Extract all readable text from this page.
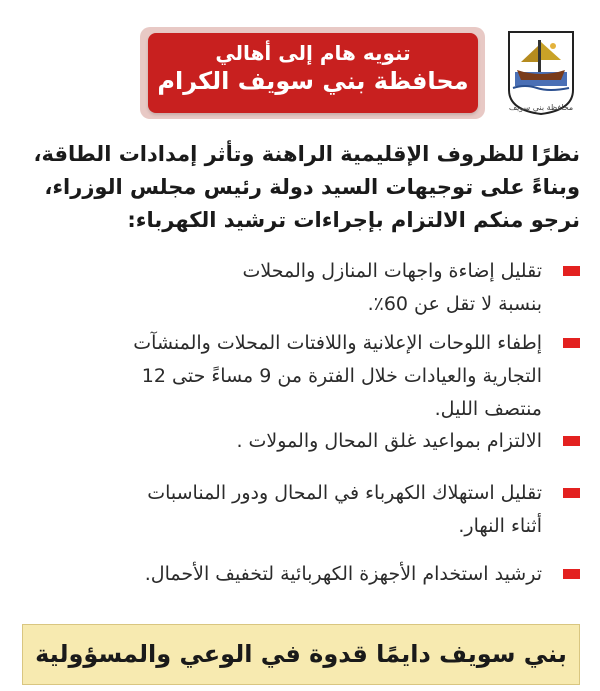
تنويه هام إلى أهالي
محافظة بني سويف الكرام
محافظة بني سويف
نظرًا للظروف الإقليمية الراهنة وتأثر إمدادات الطاقة،
وبناءً على توجيهات السيد دولة رئيس مجلس الوزراء،
نرجو منكم الالتزام بإجراءات ترشيد الكهرباء:
تقليل إضاءة واجهات المنازل والمحلات
بنسبة لا تقل عن 60٪.
إطفاء اللوحات الإعلانية واللافتات المحلات والمنشآت
التجارية والعيادات خلال الفترة من 9 مساءً حتى 12
منتصف الليل.
الالتزام بمواعيد غلق المحال والمولات .
تقليل استهلاك الكهرباء في المحال ودور المناسبات
أثناء النهار.
ترشيد استخدام الأجهزة الكهربائية لتخفيف الأحمال.
بني سويف دايمًا قدوة في الوعي والمسؤولية
